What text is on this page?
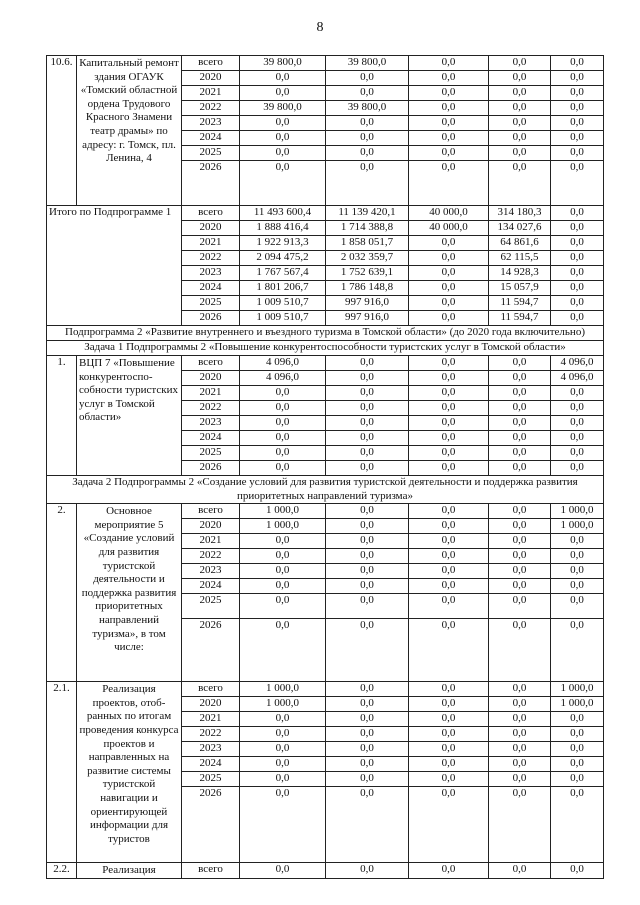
8
10.6.	Капитальный ремонт здания ОГАУК «Томский областной ордена Трудового Красного Знамени театр драмы» по адресу: г. Томск, пл. Ленина, 4	всего	39 800,0	39 800,0	0,0	0,0	0,0
		2020	0,0	0,0	0,0	0,0	0,0
		2021	0,0	0,0	0,0	0,0	0,0
		2022	39 800,0	39 800,0	0,0	0,0	0,0
		2023	0,0	0,0	0,0	0,0	0,0
		2024	0,0	0,0	0,0	0,0	0,0
		2025	0,0	0,0	0,0	0,0	0,0
		2026	0,0	0,0	0,0	0,0	0,0
Итого по Подпрограмме 1		всего	11 493 600,4	11 139 420,1	40 000,0	314 180,3	0,0
		2020	1 888 416,4	1 714 388,8	40 000,0	134 027,6	0,0
		2021	1 922 913,3	1 858 051,7	0,0	64 861,6	0,0
		2022	2 094 475,2	2 032 359,7	0,0	62 115,5	0,0
		2023	1 767 567,4	1 752 639,1	0,0	14 928,3	0,0
		2024	1 801 206,7	1 786 148,8	0,0	15 057,9	0,0
		2025	1 009 510,7	997 916,0	0,0	11 594,7	0,0
		2026	1 009 510,7	997 916,0	0,0	11 594,7	0,0
Подпрограмма 2 «Развитие внутреннего и въездного туризма в Томской области» (до 2020 года включительно)							
Задача 1 Подпрограммы 2 «Повышение конкурентоспособности туристских услуг в Томской области»							
1.	ВЦП 7 «Повышение конкурентоспо-собности туристских услуг в Томской области»	всего	4 096,0	0,0	0,0	0,0	4 096,0
		2020	4 096,0	0,0	0,0	0,0	4 096,0
		2021	0,0	0,0	0,0	0,0	0,0
		2022	0,0	0,0	0,0	0,0	0,0
		2023	0,0	0,0	0,0	0,0	0,0
		2024	0,0	0,0	0,0	0,0	0,0
		2025	0,0	0,0	0,0	0,0	0,0
		2026	0,0	0,0	0,0	0,0	0,0
Задача 2 Подпрограммы 2 «Создание условий для развития туристской деятельности и поддержка развития приоритетных направлений туризма»							
2.	Основное мероприятие 5 «Создание условий для развития туристской деятельности и поддержка развития приоритетных направлений туризма», в том числе:	всего	1 000,0	0,0	0,0	0,0	1 000,0
		2020	1 000,0	0,0	0,0	0,0	1 000,0
		2021	0,0	0,0	0,0	0,0	0,0
		2022	0,0	0,0	0,0	0,0	0,0
		2023	0,0	0,0	0,0	0,0	0,0
		2024	0,0	0,0	0,0	0,0	0,0
		2025	0,0	0,0	0,0	0,0	0,0
		2026	0,0	0,0	0,0	0,0	0,0
2.1.	Реализация проектов, отоб-ранных по итогам проведения конкурса проектов и направленных на развитие системы туристской навигации и ориентирующей информации для туристов	всего	1 000,0	0,0	0,0	0,0	1 000,0
		2020	1 000,0	0,0	0,0	0,0	1 000,0
		2021	0,0	0,0	0,0	0,0	0,0
		2022	0,0	0,0	0,0	0,0	0,0
		2023	0,0	0,0	0,0	0,0	0,0
		2024	0,0	0,0	0,0	0,0	0,0
		2025	0,0	0,0	0,0	0,0	0,0
		2026	0,0	0,0	0,0	0,0	0,0
2.2.	Реализация	всего	0,0	0,0	0,0	0,0	0,0
